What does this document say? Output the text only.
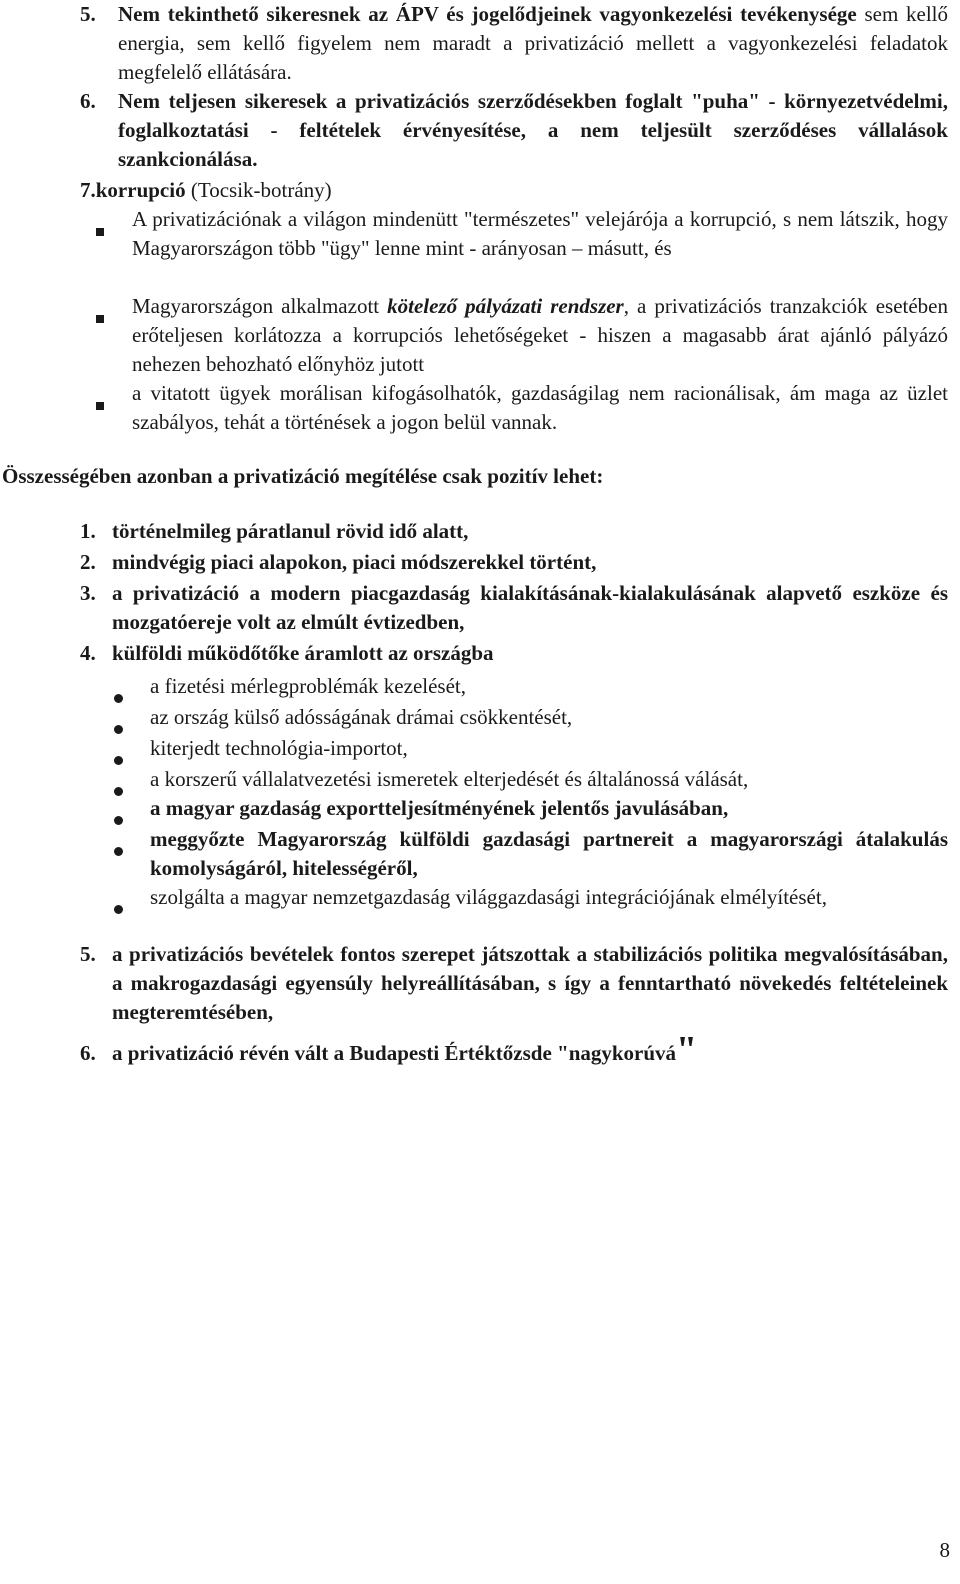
5. Nem tekinthető sikeresnek az ÁPV és jogelődjeinek vagyonkezelési tevékenysége sem kellő energia, sem kellő figyelem nem maradt a privatizáció mellett a vagyonkezelési feladatok megfelelő ellátására.
6. Nem teljesen sikeresek a privatizációs szerződésekben foglalt "puha" - környezetvédelmi, foglalkoztatási - feltételek érvényesítése, a nem teljesült szerződéses vállalások szankcionálása.
7.korrupció (Tocsik-botrány)
A privatizációnak a világon mindenütt "természetes" velejárója a korrupció, s nem látszik, hogy Magyarországon több "ügy" lenne mint - arányosan – másutt, és
Magyarországon alkalmazott kötelező pályázati rendszer, a privatizációs tranzakciók esetében erőteljesen korlátozza a korrupciós lehetőségeket - hiszen a magasabb árat ajánló pályázó nehezen behozható előnyhöz jutott
a vitatott ügyek morálisan kifogásolhatók, gazdaságilag nem racionálisak, ám maga az üzlet szabályos, tehát a történések a jogon belül vannak.
Összességében azonban a privatizáció megítélése csak pozitív lehet:
1. történelmileg páratlanul rövid idő alatt,
2. mindvégig piaci alapokon, piaci módszerekkel történt,
3. a privatizáció a modern piacgazdaság kialakításának-kialakulásának alapvető eszköze és mozgatóereje volt az elmúlt évtizedben,
4. külföldi működőtőke áramlott az országba
a fizetési mérlegproblémák kezelését,
az ország külső adósságának drámai csökkentését,
kiterjedt technológia-importot,
a korszerű vállalatvezetési ismeretek elterjedését és általánossá válását,
a magyar gazdaság exportteljesítményének jelentős javulásában,
meggyőzte Magyarország külföldi gazdasági partnereit a magyarországi átalakulás komolyságáról, hitelességéről,
szolgálta a magyar nemzetgazdaság világgazdasági integrációjának elmélyítését,
5. a privatizációs bevételek fontos szerepet játszottak a stabilizációs politika megvalósításában, a makrogazdasági egyensúly helyreállításában, s így a fenntartható növekedés feltételeinek megteremtésében,
6. a privatizáció révén vált a Budapesti Értéktőzsde "nagykorúvá"
8
